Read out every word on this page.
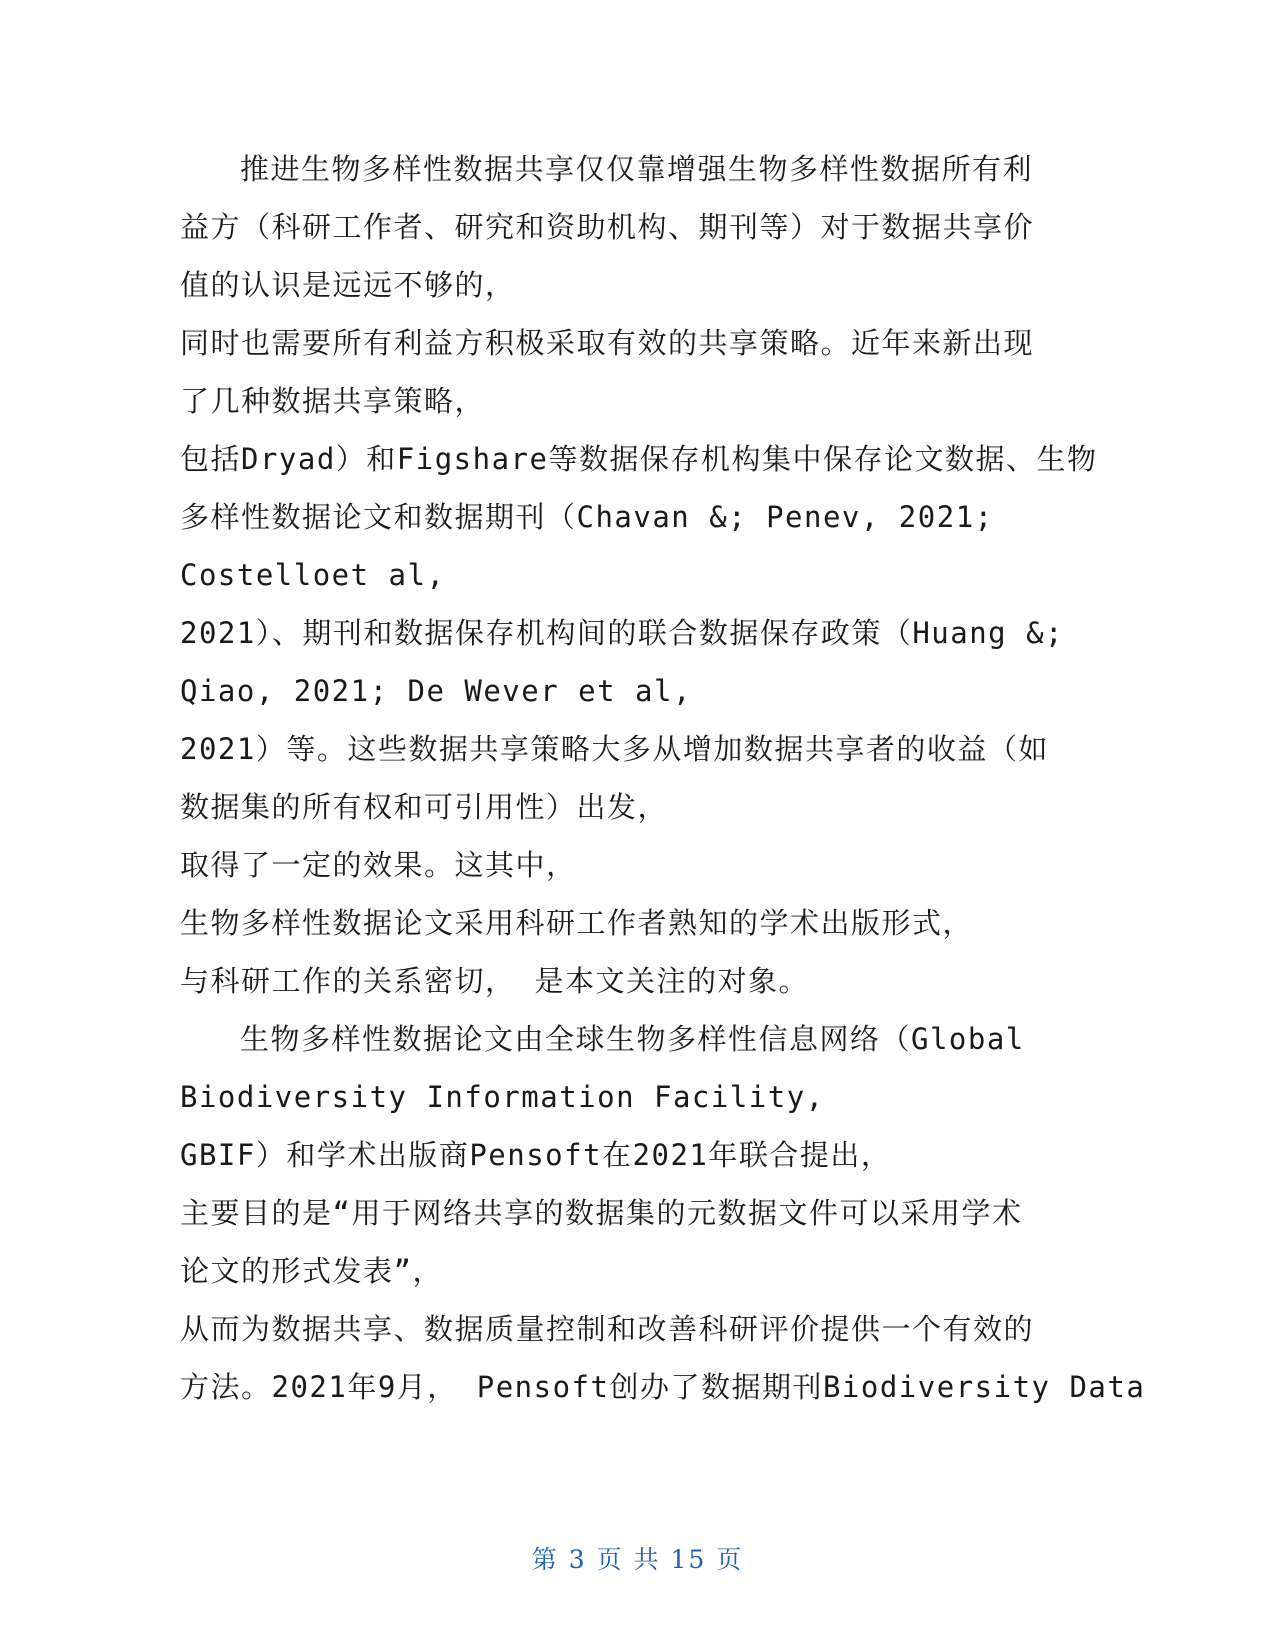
推进生物多样性数据共享仅仅靠增强生物多样性数据所有利
益方（科研工作者、研究和资助机构、期刊等）对于数据共享价
值的认识是远远不够的，
同时也需要所有利益方积极采取有效的共享策略。近年来新出现
了几种数据共享策略，
包括Dryad）和Figshare等数据保存机构集中保存论文数据、生物
多样性数据论文和数据期刊（Chavan &; Penev, 2021;
Costelloet al,
2021）、期刊和数据保存机构间的联合数据保存政策（Huang &;
Qiao, 2021; De Wever et al,
2021）等。这些数据共享策略大多从增加数据共享者的收益（如
数据集的所有权和可引用性）出发，
取得了一定的效果。这其中，
生物多样性数据论文采用科研工作者熟知的学术出版形式，
与科研工作的关系密切， 是本文关注的对象。
生物多样性数据论文由全球生物多样性信息网络（Global
Biodiversity Information Facility,
GBIF）和学术出版商Pensoft在2021年联合提出，
主要目的是“用于网络共享的数据集的元数据文件可以采用学术
论文的形式发表”，
从而为数据共享、数据质量控制和改善科研评价提供一个有效的
方法。2021年9月， Pensoft创办了数据期刊Biodiversity Data
第 3 页 共 15 页
